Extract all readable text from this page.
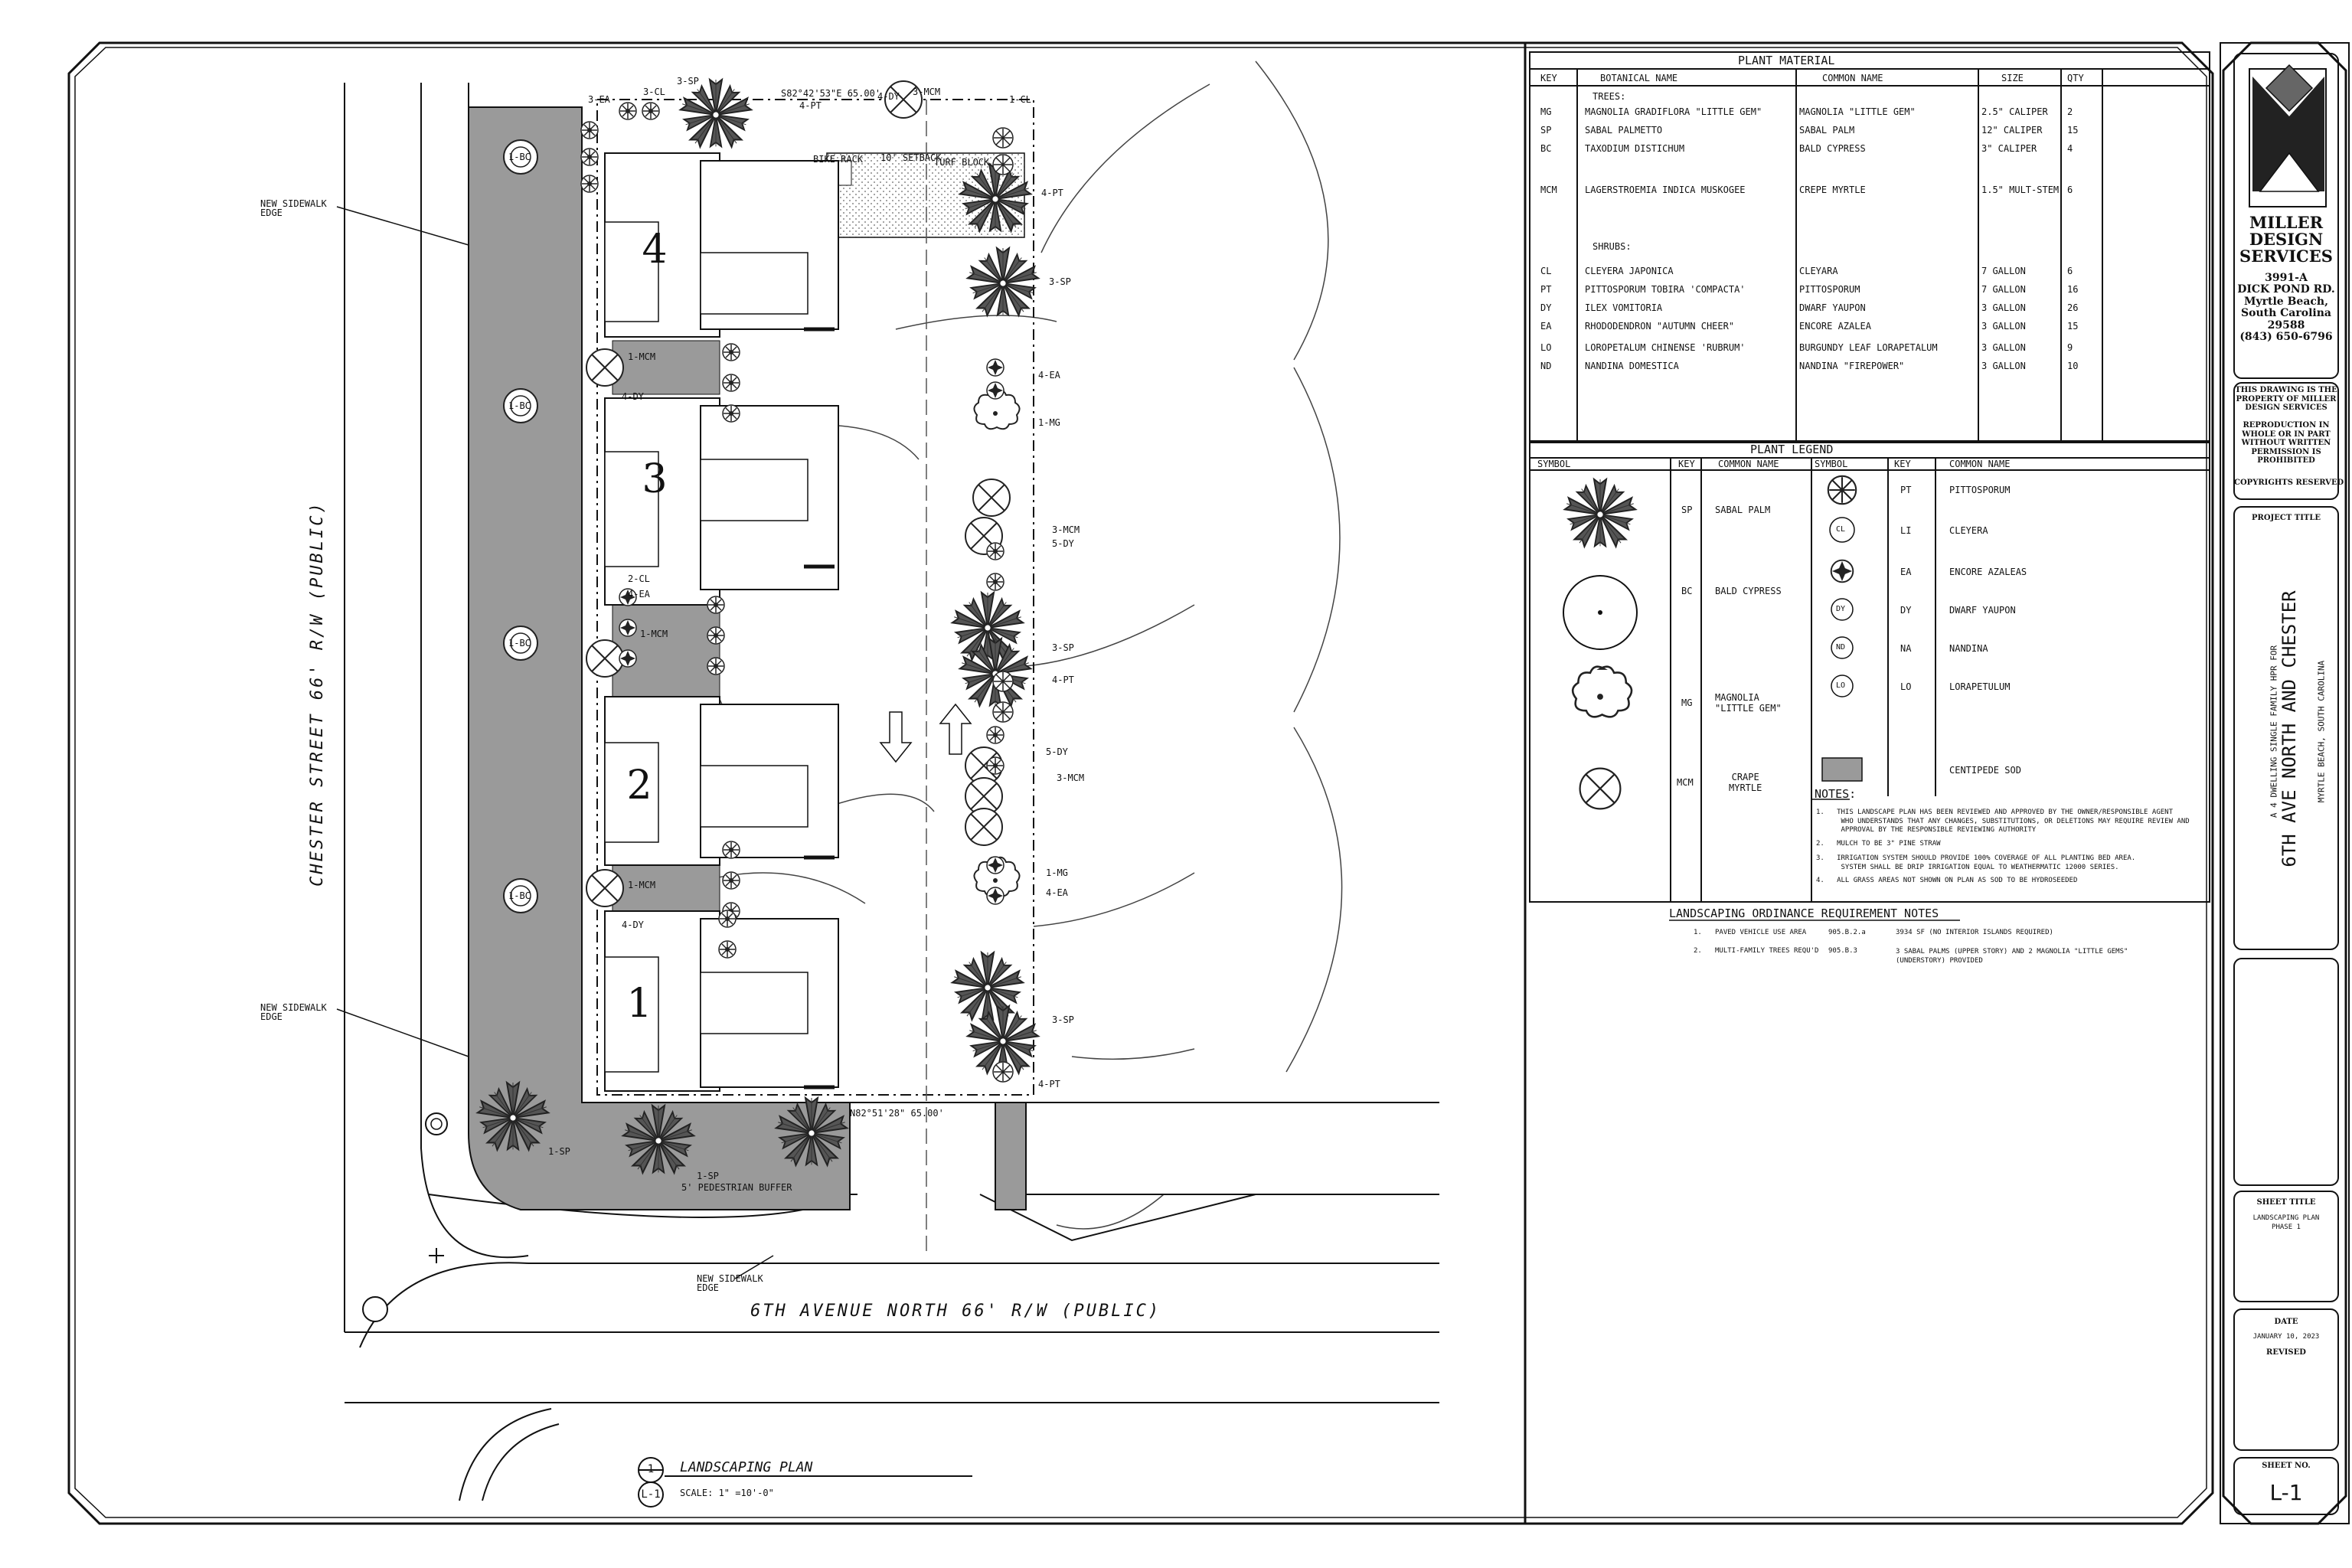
NEW SIDEWALK
EDGE
NEW SIDEWALK
EDGE
NEW SIDEWALK
EDGE
CHESTER STREET 66' R/W (PUBLIC)
6TH AVENUE NORTH 66' R/W (PUBLIC)
S82°42'53"E 65.00'
N82°51'28" 65.00'
10' SETBACK
TURF BLOCK
BIKE RACK
5' PEDESTRIAN BUFFER
4
3
2
1
1-BC
1-BC
1-BC
1-BC
3-EA
3-CL
3-SP
4-PT
4-DY 3-MCM
1-CL
1-MCM
4-DY
2-CL
4-EA
1-MCM
1-MCM
4-DY
1-SP
1-SP
4-PT
3-SP
4-EA
1-MG
3-MCM
5-DY
3-SP
4-PT
5-DY
3-MCM
1-MG
4-EA
3-SP
4-PT
1
L-1
LANDSCAPING PLAN
SCALE: 1" =10'-0"
PLANT MATERIAL
KEY	BOTANICAL NAME	COMMON NAME	SIZE	QTY
TREES:
SHRUBS:
MG	MAGNOLIA GRADIFLORA "LITTLE GEM"	MAGNOLIA "LITTLE GEM"	2.5" CALIPER 2
SP	SABAL PALMETTO	SABAL PALM	12" CALIPER	15
BC	TAXODIUM DISTICHUM	BALD CYPRESS	3" CALIPER	4
MCM	LAGERSTROEMIA INDICA MUSKOGEE	CREPE MYRTLE	1.5" MULT-STEM 6
CL	CLEYERA JAPONICA	CLEYARA	7 GALLON	6
PT	PITTOSPORUM TOBIRA 'COMPACTA'	PITTOSPORUM	7 GALLON	16
DY	ILEX VOMITORIA	DWARF YAUPON	3 GALLON	26
EA	RHODODENDRON "AUTUMN CHEER"	ENCORE AZALEA	3 GALLON	15
LO	LOROPETALUM CHINENSE 'RUBRUM'	BURGUNDY LEAF LORAPETALUM	3 GALLON	9
ND	NANDINA DOMESTICA	NANDINA "FIREPOWER"	3 GALLON	10
PLANT LEGEND
SYMBOL	KEY	COMMON NAME	SYMBOL	KEY	COMMON NAME
SP SABAL PALM
BC BALD CYPRESS
MG MAGNOLIA
"LITTLE GEM"
MCM	CRAPE
MYRTLE
PT	PITTOSPORUM
CL	LI	CLEYERA
EA	ENCORE AZALEAS
DY	DY	DWARF YAUPON
ND	NA	NANDINA
LO	LO	LORAPETULUM
CENTIPEDE SOD
NOTES:
1.   THIS LANDSCAPE PLAN HAS BEEN REVIEWED AND APPROVED BY THE OWNER/RESPONSIBLE AGENT
WHO UNDERSTANDS THAT ANY CHANGES, SUBSTITUTIONS, OR DELETIONS MAY REQUIRE REVIEW AND
APPROVAL BY THE RESPONSIBLE REVIEWING AUTHORITY
2.   MULCH TO BE 3" PINE STRAW
3.   IRRIGATION SYSTEM SHOULD PROVIDE 100% COVERAGE OF ALL PLANTING BED AREA.
SYSTEM SHALL BE DRIP IRRIGATION EQUAL TO WEATHERMATIC 12000 SERIES.
4.   ALL GRASS AREAS NOT SHOWN ON PLAN AS SOD TO BE HYDROSEEDED
LANDSCAPING ORDINANCE REQUIREMENT NOTES
1. PAVED VEHICLE USE AREA	905.B.2.a	3934 SF (NO INTERIOR ISLANDS REQUIRED)
2. MULTI-FAMILY TREES REQU'D 905.B.3	3 SABAL PALMS (UPPER STORY) AND 2 MAGNOLIA "LITTLE GEMS"
(UNDERSTORY) PROVIDED
MILLER
DESIGN
SERVICES
3991-A
DICK POND RD.
Myrtle Beach,
South Carolina
29588
(843) 650-6796
THIS DRAWING IS THE
PROPERTY OF MILLER
DESIGN SERVICES
REPRODUCTION IN
WHOLE OR IN PART
WITHOUT WRITTEN
PERMISSION IS
PROHIBITED
COPYRIGHTS RESERVED
PROJECT TITLE
A 4 DWELLING SINGLE FAMILY HPR FOR 6TH AVE NORTH AND CHESTER MYRTLE BEACH, SOUTH CAROLINA
SHEET TITLE
LANDSCAPING PLAN
PHASE 1
DATE
JANUARY 10, 2023
REVISED
SHEET NO.
L-1
